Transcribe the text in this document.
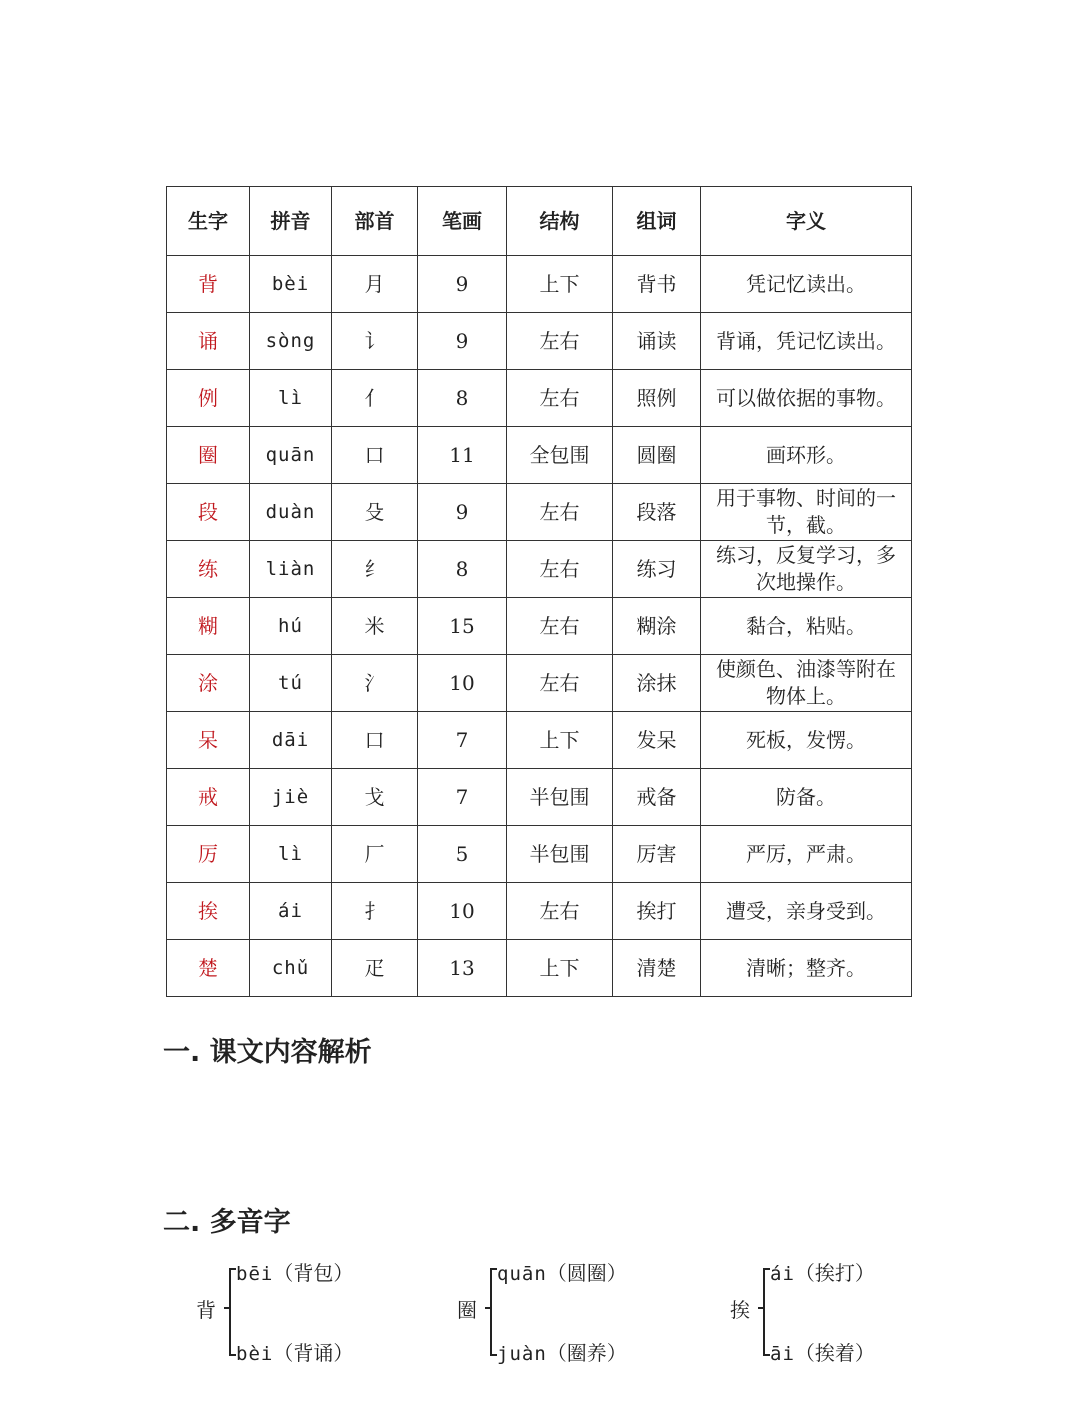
生字	拼音	部首	笔画	结构	组词	字义
背	bèi	月	9	上下	背书	凭记忆读出。
诵	sòng	讠	9	左右	诵读	背诵，凭记忆读出。
例	lì	亻	8	左右	照例	可以做依据的事物。
圈	quān	口	11	全包围	圆圈	画环形。
段	duàn	殳	9	左右	段落	用于事物、时间的一节，截。
练	liàn	纟	8	左右	练习	练习，反复学习，多次地操作。
糊	hú	米	15	左右	糊涂	黏合，粘贴。
涂	tú	氵	10	左右	涂抹	使颜色、油漆等附在物体上。
呆	dāi	口	7	上下	发呆	死板，发愣。
戒	jiè	戈	7	半包围	戒备	防备。
厉	lì	厂	5	半包围	厉害	严厉，严肃。
挨	ái	扌	10	左右	挨打	遭受，亲身受到。
楚	chǔ	疋	13	上下	清楚	清晰；整齐。
一. 课文内容解析
二. 多音字
背
bēi（背包）
bèi（背诵）
圈
quān（圆圈）
juàn（圈养）
挨
ái（挨打）
āi（挨着）
